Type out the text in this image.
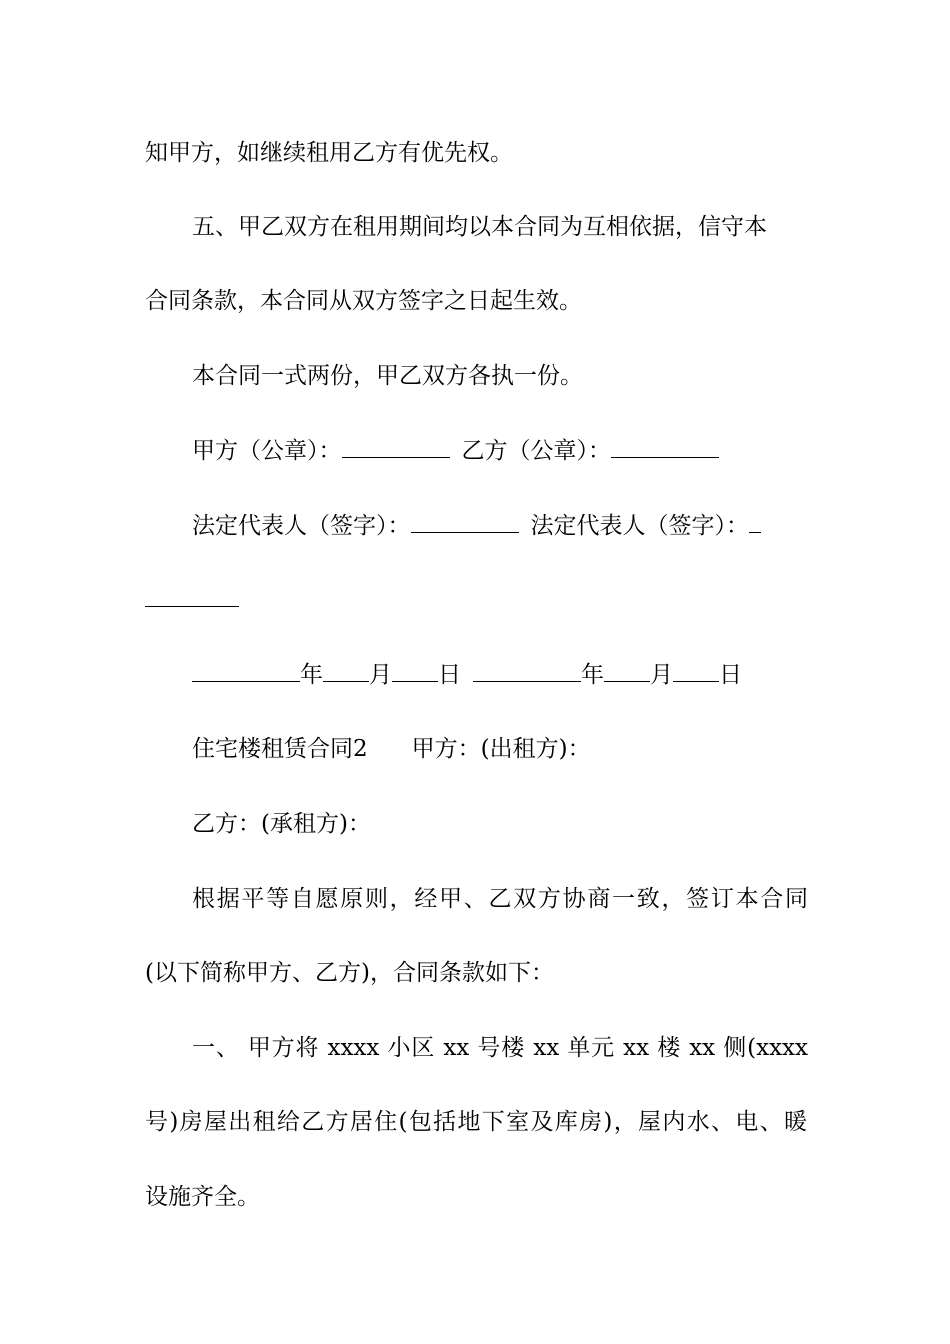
知甲方，如继续租用乙方有优先权。
五、甲乙双方在租用期间均以本合同为互相依据，信守本
合同条款，本合同从双方签字之日起生效。
本合同一式两份，甲乙双方各执一份。
甲方（公章）：	乙方（公章）：
法定代表人（签字）：	法定代表人（签字）：
年 月 日	年 月 日
住宅楼租赁合同2 甲方：(出租方)：
乙方：(承租方)：
根据平等自愿原则，经甲、乙双方协商一致，签订本合同
(以下简称甲方、乙方)，合同条款如下：
一、 甲方将 xxxx 小区 xx 号楼 xx 单元 xx 楼 xx 侧(xxxx
号)房屋出租给乙方居住(包括地下室及库房)，屋内水、电、暖
设施齐全。
